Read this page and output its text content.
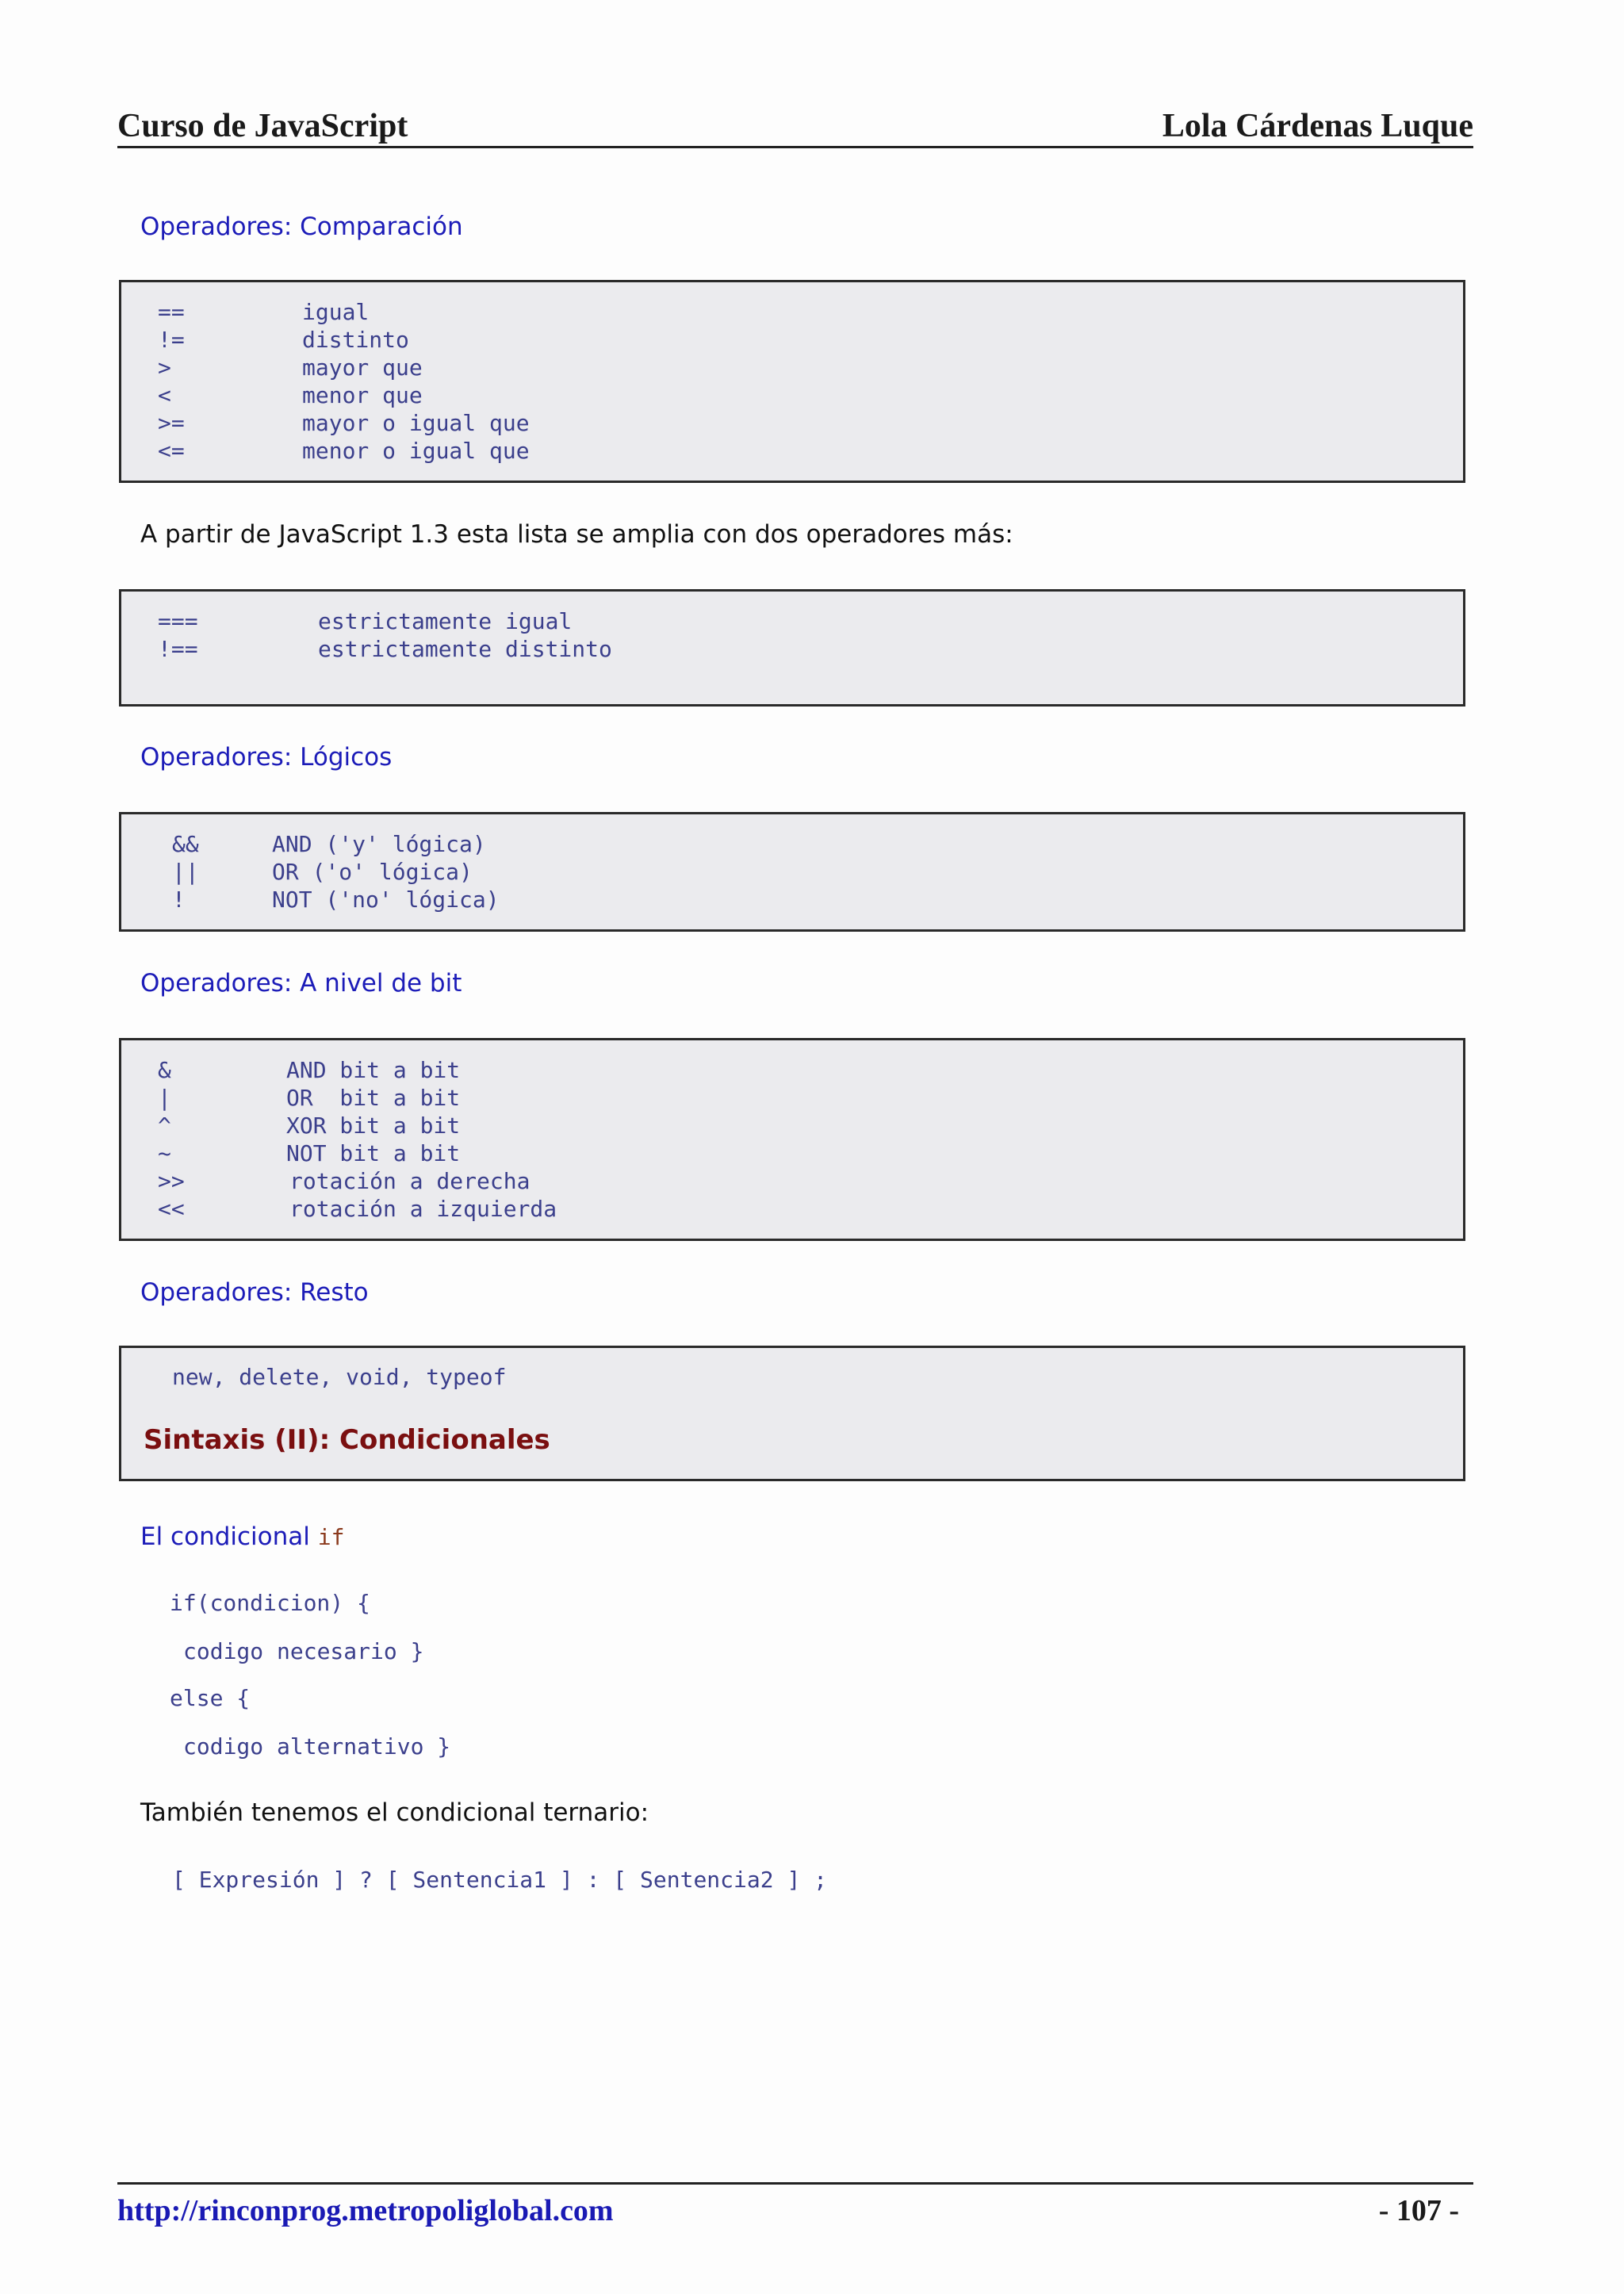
Curso de JavaScript	Lola Cárdenas Luque
Operadores: Comparación
==	igual
!=	distinto
>	mayor que
<	menor que
>=	mayor o igual que
<=	menor o igual que
A partir de JavaScript 1.3 esta lista se amplia con dos operadores más:
===	estrictamente igual
!==	estrictamente distinto
Operadores: Lógicos
&&	AND ('y' lógica)
||	OR ('o' lógica)
!	NOT ('no' lógica)
Operadores: A nivel de bit
&	AND bit a bit
|	OR  bit a bit
^	XOR bit a bit
~	NOT bit a bit
>>	rotación a derecha
<<	rotación a izquierda
Operadores: Resto
new, delete, void, typeof
Sintaxis (II): Condicionales
El condicional if
if(condicion) {
codigo necesario }
else {
codigo alternativo }
También tenemos el condicional ternario:
[ Expresión ] ? [ Sentencia1 ] : [ Sentencia2 ] ;
http://rinconprog.metropoliglobal.com	- 107 -
